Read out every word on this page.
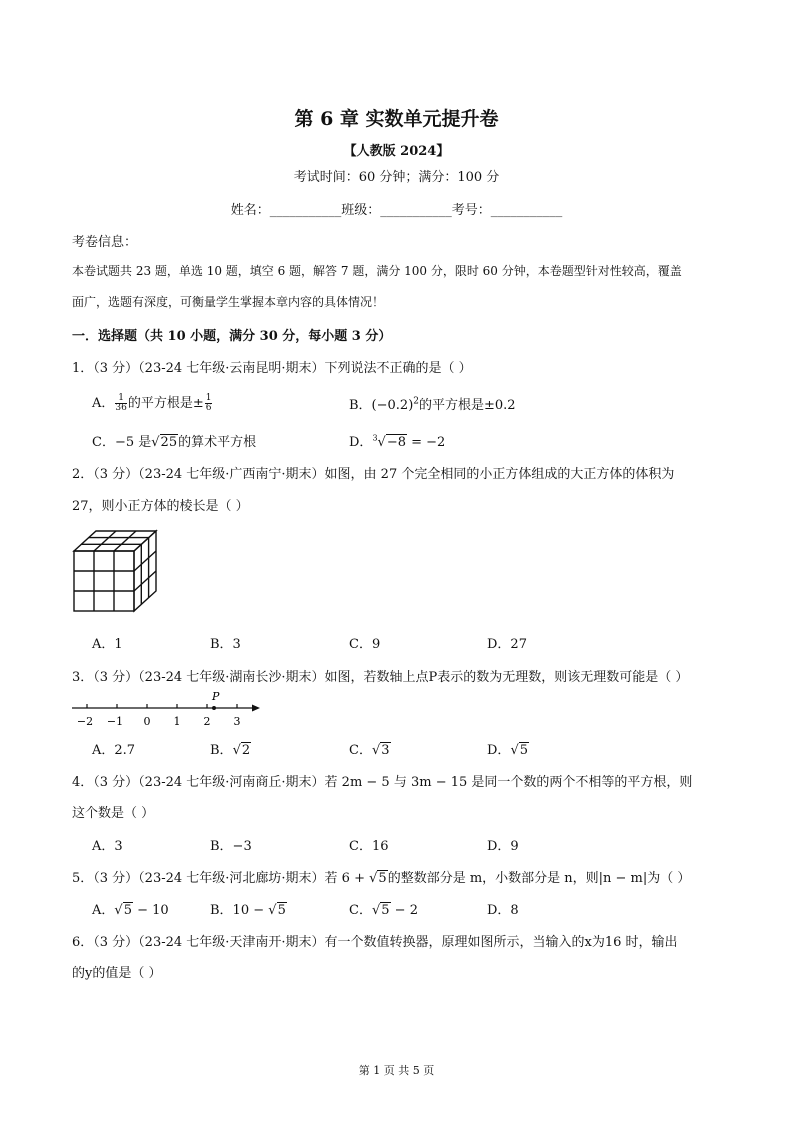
第 6 章 实数单元提升卷
【人教版 2024】
考试时间：60 分钟；满分：100 分
姓名：___________班级：___________考号：___________
考卷信息：
本卷试题共 23 题，单选 10 题，填空 6 题，解答 7 题，满分 100 分，限时 60 分钟，本卷题型针对性较高，覆盖
面广，选题有深度，可衡量学生掌握本章内容的具体情况！
一．选择题（共 10 小题，满分 30 分，每小题 3 分）
1．（3 分）（23-24 七年级·云南昆明·期末）下列说法不正确的是（ ）
A． $\frac{1}{36}$ 的平方根是± $\frac{1}{6}$	B．$(-0.2)^2$的平方根是±0.2
C．−5 是√25的算术平方根	D．$^3$√−8 = −2
2．（3 分）（23-24 七年级·广西南宁·期末）如图，由 27 个完全相同的小正方体组成的大正方体的体积为
27，则小正方体的棱长是（ ）
A．1	B．3	C．9	D．27
3．（3 分）（23-24 七年级·湖南长沙·期末）如图，若数轴上点P表示的数为无理数，则该无理数可能是（ ）
P
−2 −1 0 1 2 3
A．2.7	B．√2	C．√3	D．√5
4．（3 分）（23-24 七年级·河南商丘·期末）若 2m − 5 与 3m − 15 是同一个数的两个不相等的平方根，则
这个数是（ ）
A．3	B．−3	C．16	D．9
5．（3 分）（23-24 七年级·河北廊坊·期末）若 6 + √5的整数部分是 m，小数部分是 n，则|n − m|为（ ）
A．√5 − 10	B．10 − √5	C．√5 − 2	D．8
6．（3 分）（23-24 七年级·天津南开·期末）有一个数值转换器，原理如图所示，当输入的x为16 时，输出
的y的值是（ ）
第 1 页 共 5 页
